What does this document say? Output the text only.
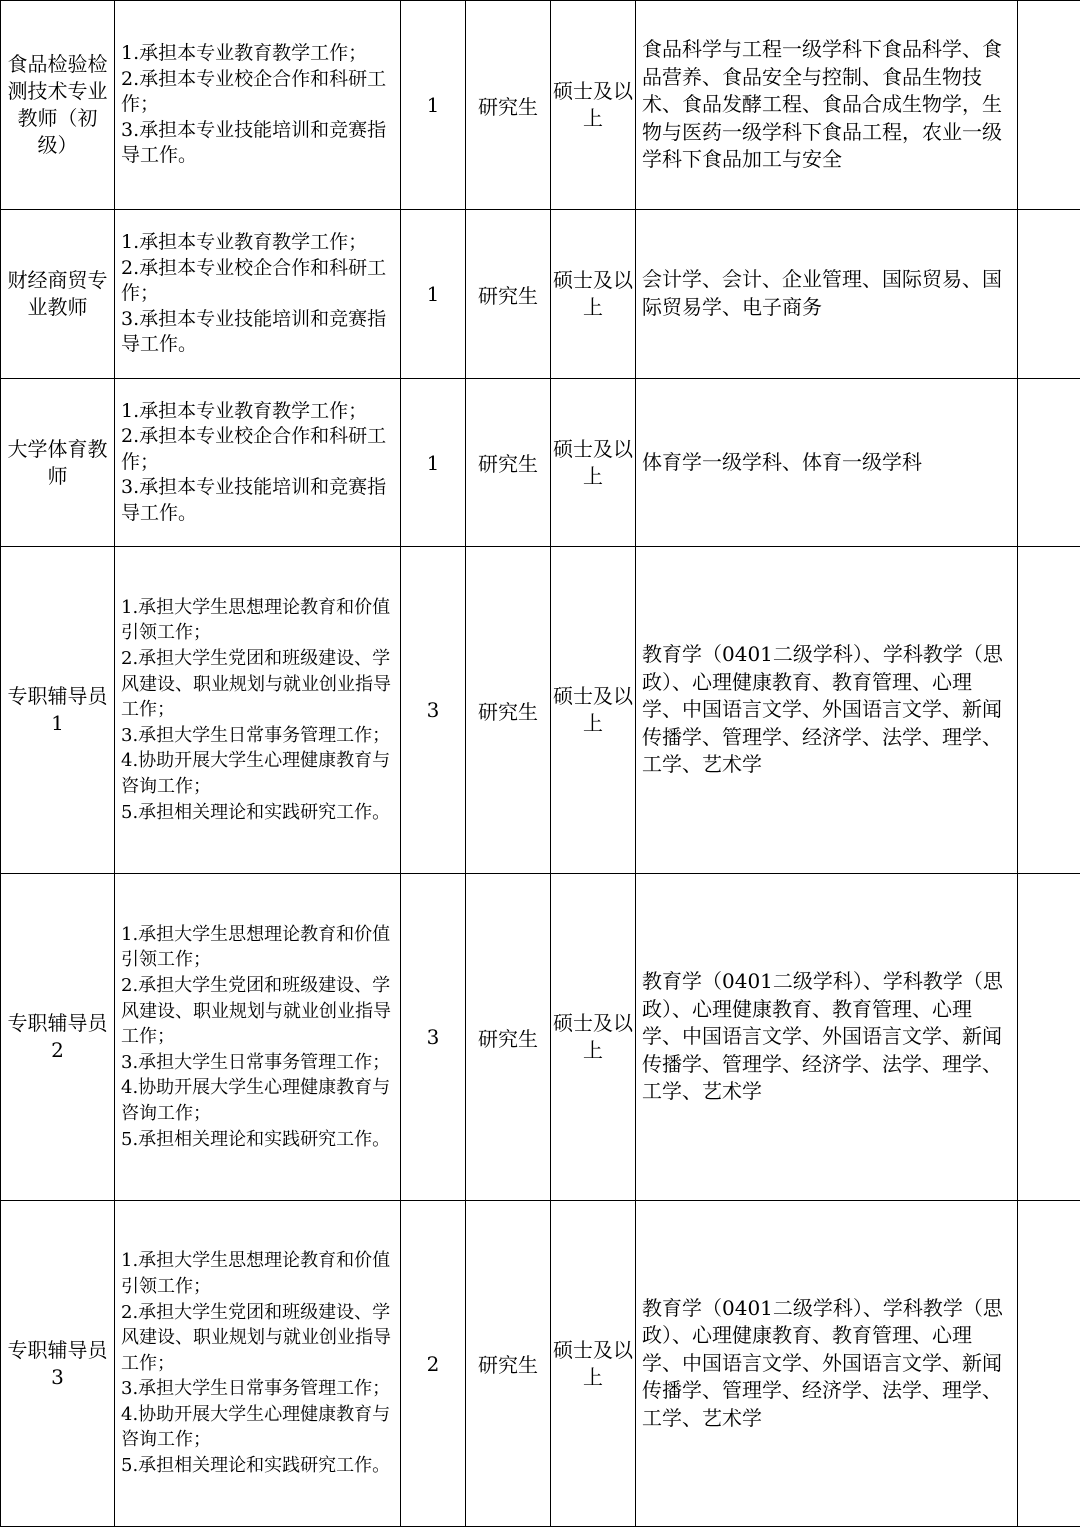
食品检验检测技术专业教师（初级）	1.承担本专业教育教学工作；
2.承担本专业校企合作和科研工作；
3.承担本专业技能培训和竞赛指导工作。	1	研究生	硕士及以上	食品科学与工程一级学科下食品科学、食品营养、食品安全与控制、食品生物技术、食品发酵工程、食品合成生物学，生物与医药一级学科下食品工程，农业一级学科下食品加工与安全	
财经商贸专业教师	1.承担本专业教育教学工作；
2.承担本专业校企合作和科研工作；
3.承担本专业技能培训和竞赛指导工作。	1	研究生	硕士及以上	会计学、会计、企业管理、国际贸易、国际贸易学、电子商务	
大学体育教师	1.承担本专业教育教学工作；
2.承担本专业校企合作和科研工作；
3.承担本专业技能培训和竞赛指导工作。	1	研究生	硕士及以上	体育学一级学科、体育一级学科	
专职辅导员1	1.承担大学生思想理论教育和价值引领工作；
2.承担大学生党团和班级建设、学风建设、职业规划与就业创业指导工作；
3.承担大学生日常事务管理工作；
4.协助开展大学生心理健康教育与咨询工作；
5.承担相关理论和实践研究工作。	3	研究生	硕士及以上	教育学（0401二级学科）、学科教学（思政）、心理健康教育、教育管理、心理学、中国语言文学、外国语言文学、新闻传播学、管理学、经济学、法学、理学、工学、艺术学	
专职辅导员2	1.承担大学生思想理论教育和价值引领工作；
2.承担大学生党团和班级建设、学风建设、职业规划与就业创业指导工作；
3.承担大学生日常事务管理工作；
4.协助开展大学生心理健康教育与咨询工作；
5.承担相关理论和实践研究工作。	3	研究生	硕士及以上	教育学（0401二级学科）、学科教学（思政）、心理健康教育、教育管理、心理学、中国语言文学、外国语言文学、新闻传播学、管理学、经济学、法学、理学、工学、艺术学	
专职辅导员3	1.承担大学生思想理论教育和价值引领工作；
2.承担大学生党团和班级建设、学风建设、职业规划与就业创业指导工作；
3.承担大学生日常事务管理工作；
4.协助开展大学生心理健康教育与咨询工作；
5.承担相关理论和实践研究工作。	2	研究生	硕士及以上	教育学（0401二级学科）、学科教学（思政）、心理健康教育、教育管理、心理学、中国语言文学、外国语言文学、新闻传播学、管理学、经济学、法学、理学、工学、艺术学	
